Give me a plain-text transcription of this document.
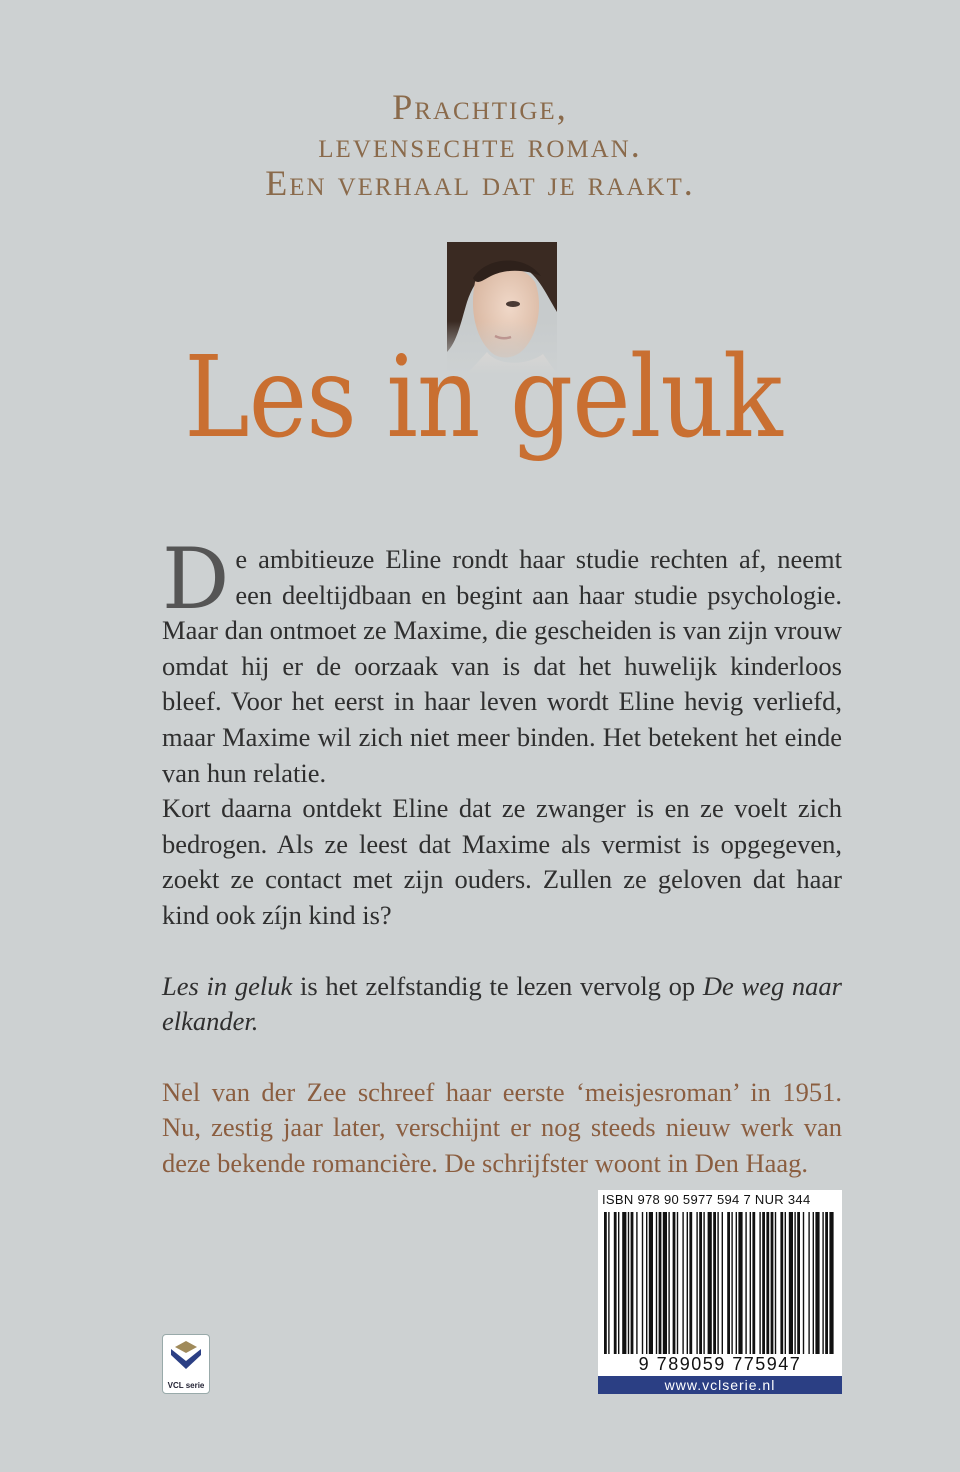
Prachtige,
levensechte roman.
Een verhaal dat je raakt.
Les in geluk

De ambitieuze Eline rondt haar studie rechten af, neemt een deeltijdbaan en begint aan haar studie psychologie. Maar dan ontmoet ze Maxime, die gescheiden is van zijn vrouw omdat hij er de oorzaak van is dat het huwelijk kinderloos bleef. Voor het eerst in haar leven wordt Eline hevig verliefd, maar Maxime wil zich niet meer binden. Het betekent het einde van hun relatie.

Kort daarna ontdekt Eline dat ze zwanger is en ze voelt zich bedrogen. Als ze leest dat Maxime als vermist is opgegeven, zoekt ze contact met zijn ouders. Zullen ze geloven dat haar kind ook zíjn kind is?

Les in geluk is het zelfstandig te lezen vervolg op De weg naar elkander.

Nel van der Zee schreef haar eerste ‘meisjesroman’ in 1951. Nu, zestig jaar later, verschijnt er nog steeds nieuw werk van deze bekende romancière. De schrijfster woont in Den Haag.

ISBN 978 90 5977 594 7 NUR 344
9 789059 775947
www.vclserie.nl
VCL serie
